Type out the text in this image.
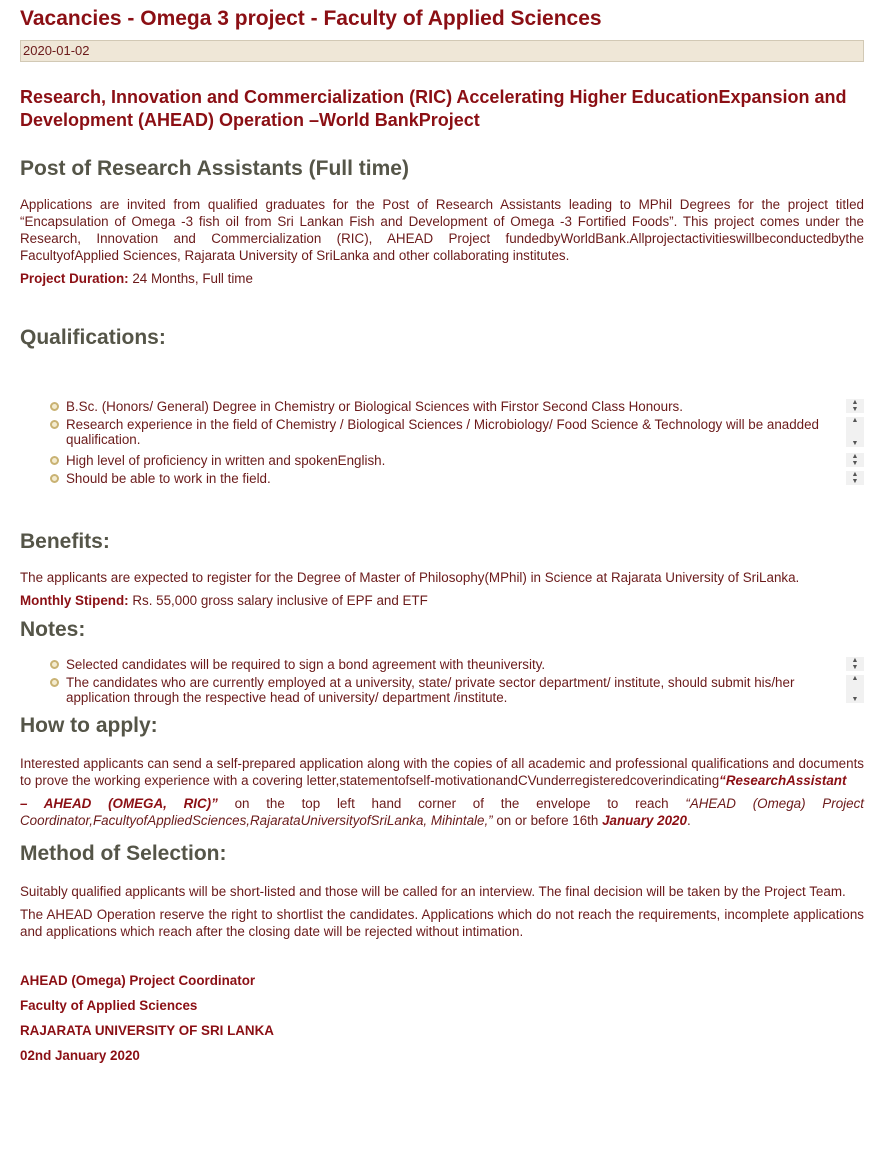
Vacancies - Omega 3 project - Faculty of Applied Sciences
2020-01-02
Research, Innovation and Commercialization (RIC) Accelerating Higher EducationExpansion and Development (AHEAD) Operation –World BankProject
Post of Research Assistants (Full time)

Applications are invited from qualified graduates for the Post of Research Assistants leading to MPhil Degrees for the project titled “Encapsulation of Omega -3 fish oil from Sri Lankan Fish and Development of Omega -3 Fortified Foods”. This project comes under the Research, Innovation and Commercialization (RIC), AHEAD Project fundedbyWorldBank.Allprojectactivitieswillbeconductedbythe​FacultyofApplied Sciences, Rajarata University of SriLanka and other collaborating institutes.

Project Duration: 24 Months, Full time

Qualifications:
B.Sc. (Honors/ General) Degree in Chemistry or Biological Sciences with Firstor Second Class Honours.	▲
▼
Research experience in the field of Chemistry / Biological Sciences / Microbiology/ Food Science & Technology will be anadded qualification.
▲
▼
High level of proficiency in written and spokenEnglish.	▲
▼
Should be able to work in the field.	▲
▼
Benefits:

The applicants are expected to register for the Degree of Master of Philosophy(MPhil) in Science at Rajarata University of SriLanka.

Monthly Stipend: Rs. 55,000 gross salary inclusive of EPF and ETF

Notes:
Selected candidates will be required to sign a bond agreement with theuniversity.	▲
▼
The candidates who are currently employed at a university, state/ private sector department/ institute, should submit his/her application through the respective head of university/ department /institute.
▲
▼
How to apply:

Interested applicants can send a self-prepared application along with the copies of all academic and professional qualifications and documents to prove the working experience with a covering letter,statementofself-motivationandCVunderregisteredcoverindicating“ResearchAssistant

– AHEAD (OMEGA, RIC)” on the top left hand corner of the envelope to reach “AHEAD (Omega) Project Coordinator,FacultyofAppliedSciences,RajarataUniversityofSriLanka, Mihintale,” on or before 16th January 2020.

Method of Selection:

Suitably qualified applicants will be short-listed and those will be called for an interview. The final decision will be taken by the Project Team.

The AHEAD Operation reserve the right to shortlist the candidates. Applications which do not reach the requirements, incomplete applications and applications which reach after the closing date will be rejected without intimation.

AHEAD (Omega) Project Coordinator

Faculty of Applied Sciences

RAJARATA UNIVERSITY OF SRI LANKA

02nd January 2020
